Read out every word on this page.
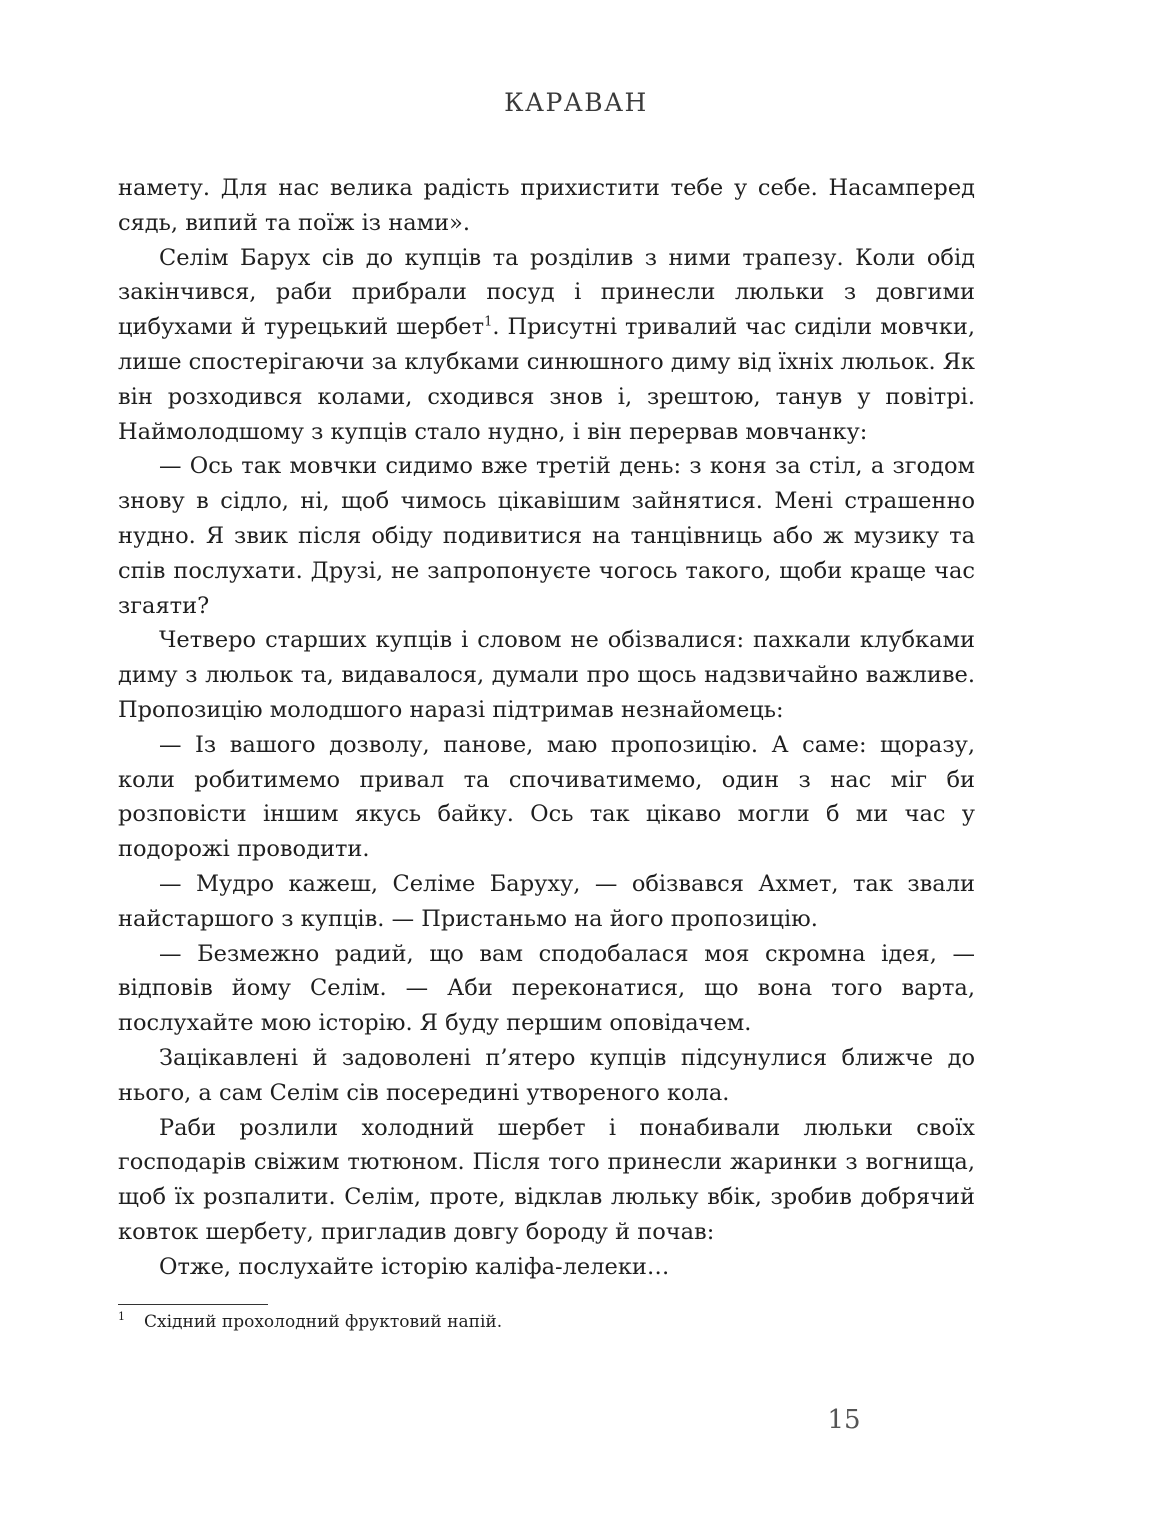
КАРАВАН

намету. Для нас велика радість прихистити тебе у себе. Насамперед сядь, випий та поїж із нами».

Селім Барух сів до купців та розділив з ними трапезу. Коли обід закінчився, раби прибрали посуд і принесли люльки з довгими цибухами й турецький шербет$^1$. Присутні тривалий час сиділи мовчки, лише спостерігаючи за клубками синюшного диму від їхніх люльок. Як він розходився колами, сходився знов і, зрештою, танув у повітрі. Наймолодшому з купців стало нудно, і він перервав мовчанку:

— Ось так мовчки сидимо вже третій день: з коня за стіл, а згодом знову в сідло, ні, щоб чимось цікавішим зайнятися. Мені страшенно нудно. Я звик після обіду подивитися на танцівниць або ж музику та спів послухати. Друзі, не запропонуєте чогось такого, щоби краще час згаяти?

Четверо старших купців і словом не обізвалися: пахкали клубками диму з люльок та, видавалося, думали про щось надзвичайно важливе. Пропозицію молодшого наразі підтримав незнайомець:

— Із вашого дозволу, панове, маю пропозицію. А саме: щоразу, коли робитимемо привал та спочиватимемо, один з нас міг би розповісти іншим якусь байку. Ось так цікаво могли б ми час у подорожі проводити.

— Мудро кажеш, Селіме Баруху, — обізвався Ахмет, так звали найстаршого з купців. — Пристаньмо на його пропозицію.

— Безмежно радий, що вам сподобалася моя скромна ідея, — відповів йому Селім. — Аби переконатися, що вона того варта, послухайте мою історію. Я буду першим оповідачем.

Зацікавлені й задоволені п’ятеро купців підсунулися ближче до нього, а сам Селім сів посередині утвореного кола.

Раби розлили холодний шербет і понабивали люльки своїх господарів свіжим тютюном. Після того принесли жаринки з вогнища, щоб їх розпалити. Селім, проте, відклав люльку вбік, зробив добрячий ковток шербету, пригладив довгу бороду й почав:

Отже, послухайте історію каліфа-лелеки…

1 Східний прохолодний фруктовий напій.

15
